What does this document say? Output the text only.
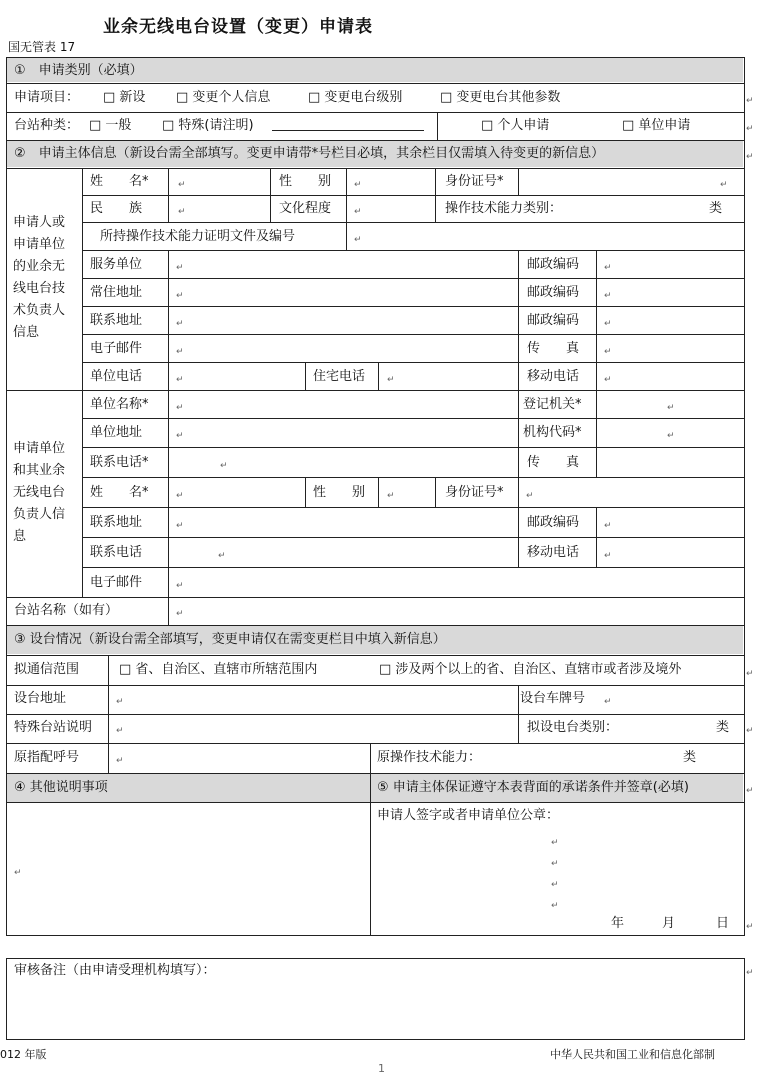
业余无线电台设置（变更）申请表
国无管表 17
①　申请类别（必填）
申请项目： □ 新设 □ 变更个人信息	□ 变更电台级别	□ 变更电台其他参数
台站种类： □ 一般 □ 特殊(请注明)	□ 个人申请	□ 单位申请
②　申请主体信息（新设台需全部填写。变更申请带*号栏目必填，其余栏目仅需填入待变更的新信息）
申请人或
申请单位
的业余无
线电台技
术负责人
信息
姓　　名*	性　　别	身份证号*
民　　族	文化程度	操作技术能力类别：	类
所持操作技术能力证明文件及编号
服务单位	邮政编码
常住地址	邮政编码
联系地址	邮政编码
电子邮件	传　　真
单位电话	住宅电话	移动电话
申请单位
和其业余
无线电台
负责人信
息
单位名称*	登记机关*
单位地址	机构代码*
联系电话*	传　　真
姓　　名*	性　　别	身份证号*
联系地址	邮政编码
联系电话	移动电话
电子邮件
台站名称（如有）
③ 设台情况（新设台需全部填写，变更申请仅在需变更栏目中填入新信息）
拟通信范围	□ 省、自治区、直辖市所辖范围内	□ 涉及两个以上的省、自治区、直辖市或者涉及境外
设台地址	设台车牌号
特殊台站说明	拟设电台类别：	类
原指配呼号	原操作技术能力：	类
④ 其他说明事项	⑤ 申请主体保证遵守本表背面的承诺条件并签章(必填)
申请人签字或者申请单位公章：
年	月	日
↵
↵
↵
↵	↵	↵
↵	↵
↵
↵	↵
↵	↵
↵	↵
↵	↵
↵	↵	↵
↵	↵
↵	↵
↵
↵	↵	↵
↵	↵
↵	↵
↵
↵
↵
↵	↵
↵	↵
↵
↵
↵
↵
↵
↵
↵
↵
审核备注（由申请受理机构填写）：	↵
012 年版	中华人民共和国工业和信息化部制
1
